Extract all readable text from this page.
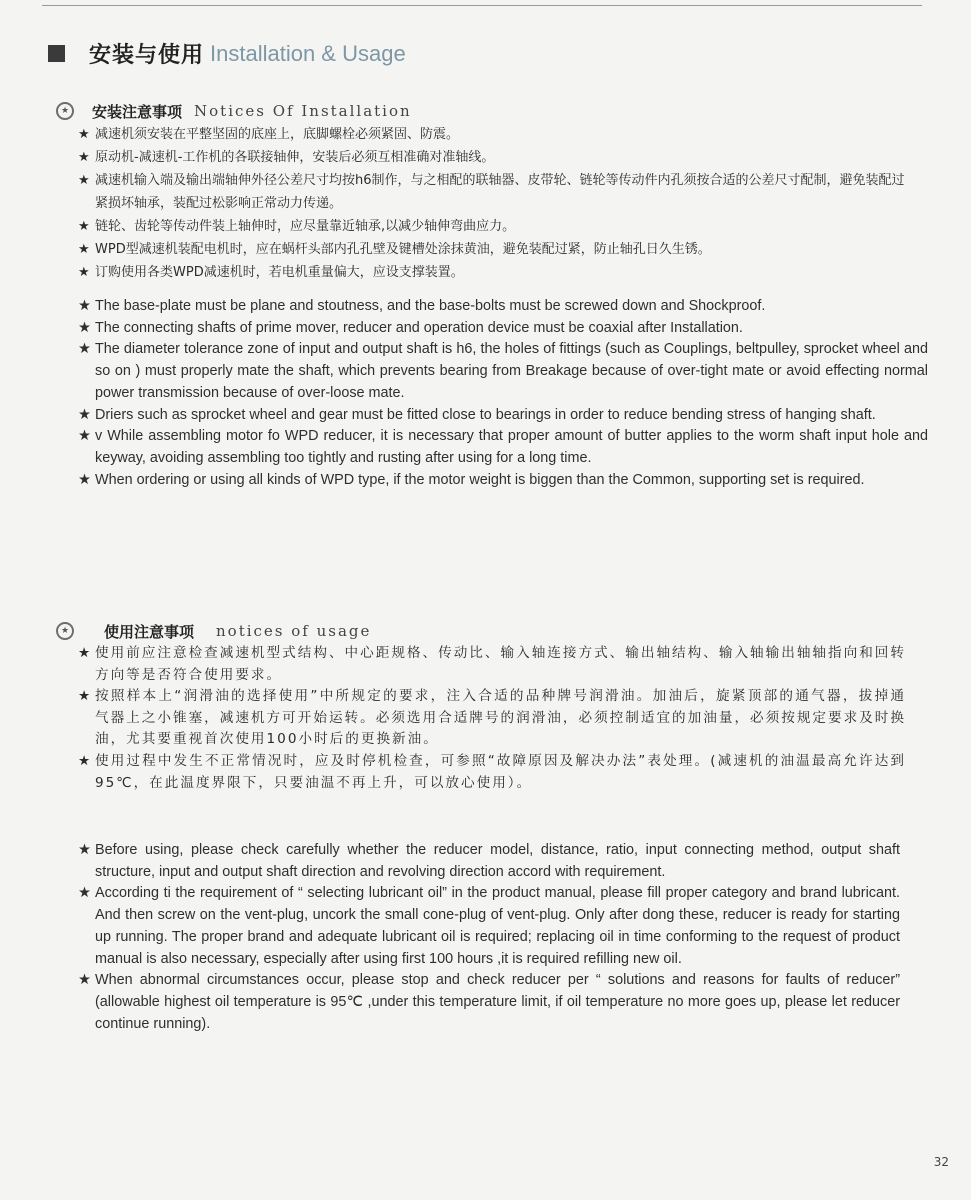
安装与使用 Installation & Usage
★	安装注意事项 Notices Of Installation
★ 减速机须安装在平整坚固的底座上，底脚螺栓必须紧固、防震。
★ 原动机-减速机-工作机的各联接轴伸，安装后必须互相准确对准轴线。
★ 减速机输入端及输出端轴伸外径公差尺寸均按h6制作，与之相配的联轴器、皮带轮、链轮等传动件内孔须按合适的公差尺寸配制，避免装配过紧损坏轴承，装配过松影响正常动力传递。
★ 链轮、齿轮等传动件装上轴伸时，应尽量靠近轴承,以减少轴伸弯曲应力。
★ WPD型减速机装配电机时，应在蜗杆头部内孔孔壁及键槽处涂抹黄油，避免装配过紧，防止轴孔日久生锈。
★ 订购使用各类WPD减速机时，若电机重量偏大，应设支撑装置。
★ The base-plate must be plane and stoutness, and the base-bolts must be screwed down and Shockproof.
★ The connecting shafts of prime mover, reducer and operation device must be coaxial after Installation.
★ The diameter tolerance zone of input and output shaft is h6, the holes of fittings (such as Couplings, beltpulley, sprocket wheel and so on ) must properly mate the shaft, which prevents bearing from Breakage because of over-tight mate or avoid effecting normal power transmission because of over-loose mate.
★ Driers such as sprocket wheel and gear must be fitted close to bearings in order to reduce bending stress of hanging shaft.
★ v While assembling motor fo WPD reducer, it is necessary that proper amount of butter applies to the worm shaft input hole and keyway, avoiding assembling too tightly and rusting after using for a long time.
★ When ordering or using all kinds of WPD type, if the motor weight is biggen than the Common, supporting set is required.
★	使用注意事项 notices of usage
★ 使用前应注意检查减速机型式结构、中心距规格、传动比、输入轴连接方式、输出轴结构、输入轴输出轴轴指向和回转方向等是否符合使用要求。
★ 按照样本上“润滑油的选择使用”中所规定的要求，注入合适的品种牌号润滑油。加油后，旋紧顶部的通气器，拔掉通气器上之小锥塞，减速机方可开始运转。必须选用合适牌号的润滑油，必须控制适宜的加油量，必须按规定要求及时换油，尤其要重视首次使用100小时后的更换新油。
★ 使用过程中发生不正常情况时，应及时停机检查，可参照“故障原因及解决办法”表处理。(减速机的油温最高允许达到95℃，在此温度界限下，只要油温不再上升，可以放心使用）。
★ Before using, please check carefully whether the reducer model, distance, ratio, input connecting method, output shaft structure, input and output shaft direction and revolving direction accord with requirement.
★ According ti the requirement of “ selecting lubricant oil” in the product manual, please fill proper category and brand lubricant. And then screw on the vent-plug, uncork the small cone-plug of vent-plug. Only after dong these, reducer is ready for starting up running. The proper brand and adequate lubricant oil is required; replacing oil in time conforming to the request of product manual is also necessary, especially after using first 100 hours ,it is required refilling new oil.
★ When abnormal circumstances occur, please stop and check reducer per “ solutions and reasons for faults of reducer” (allowable highest oil temperature is 95℃ ,under this temperature limit, if oil temperature no more goes up, please let reducer continue running).
32
